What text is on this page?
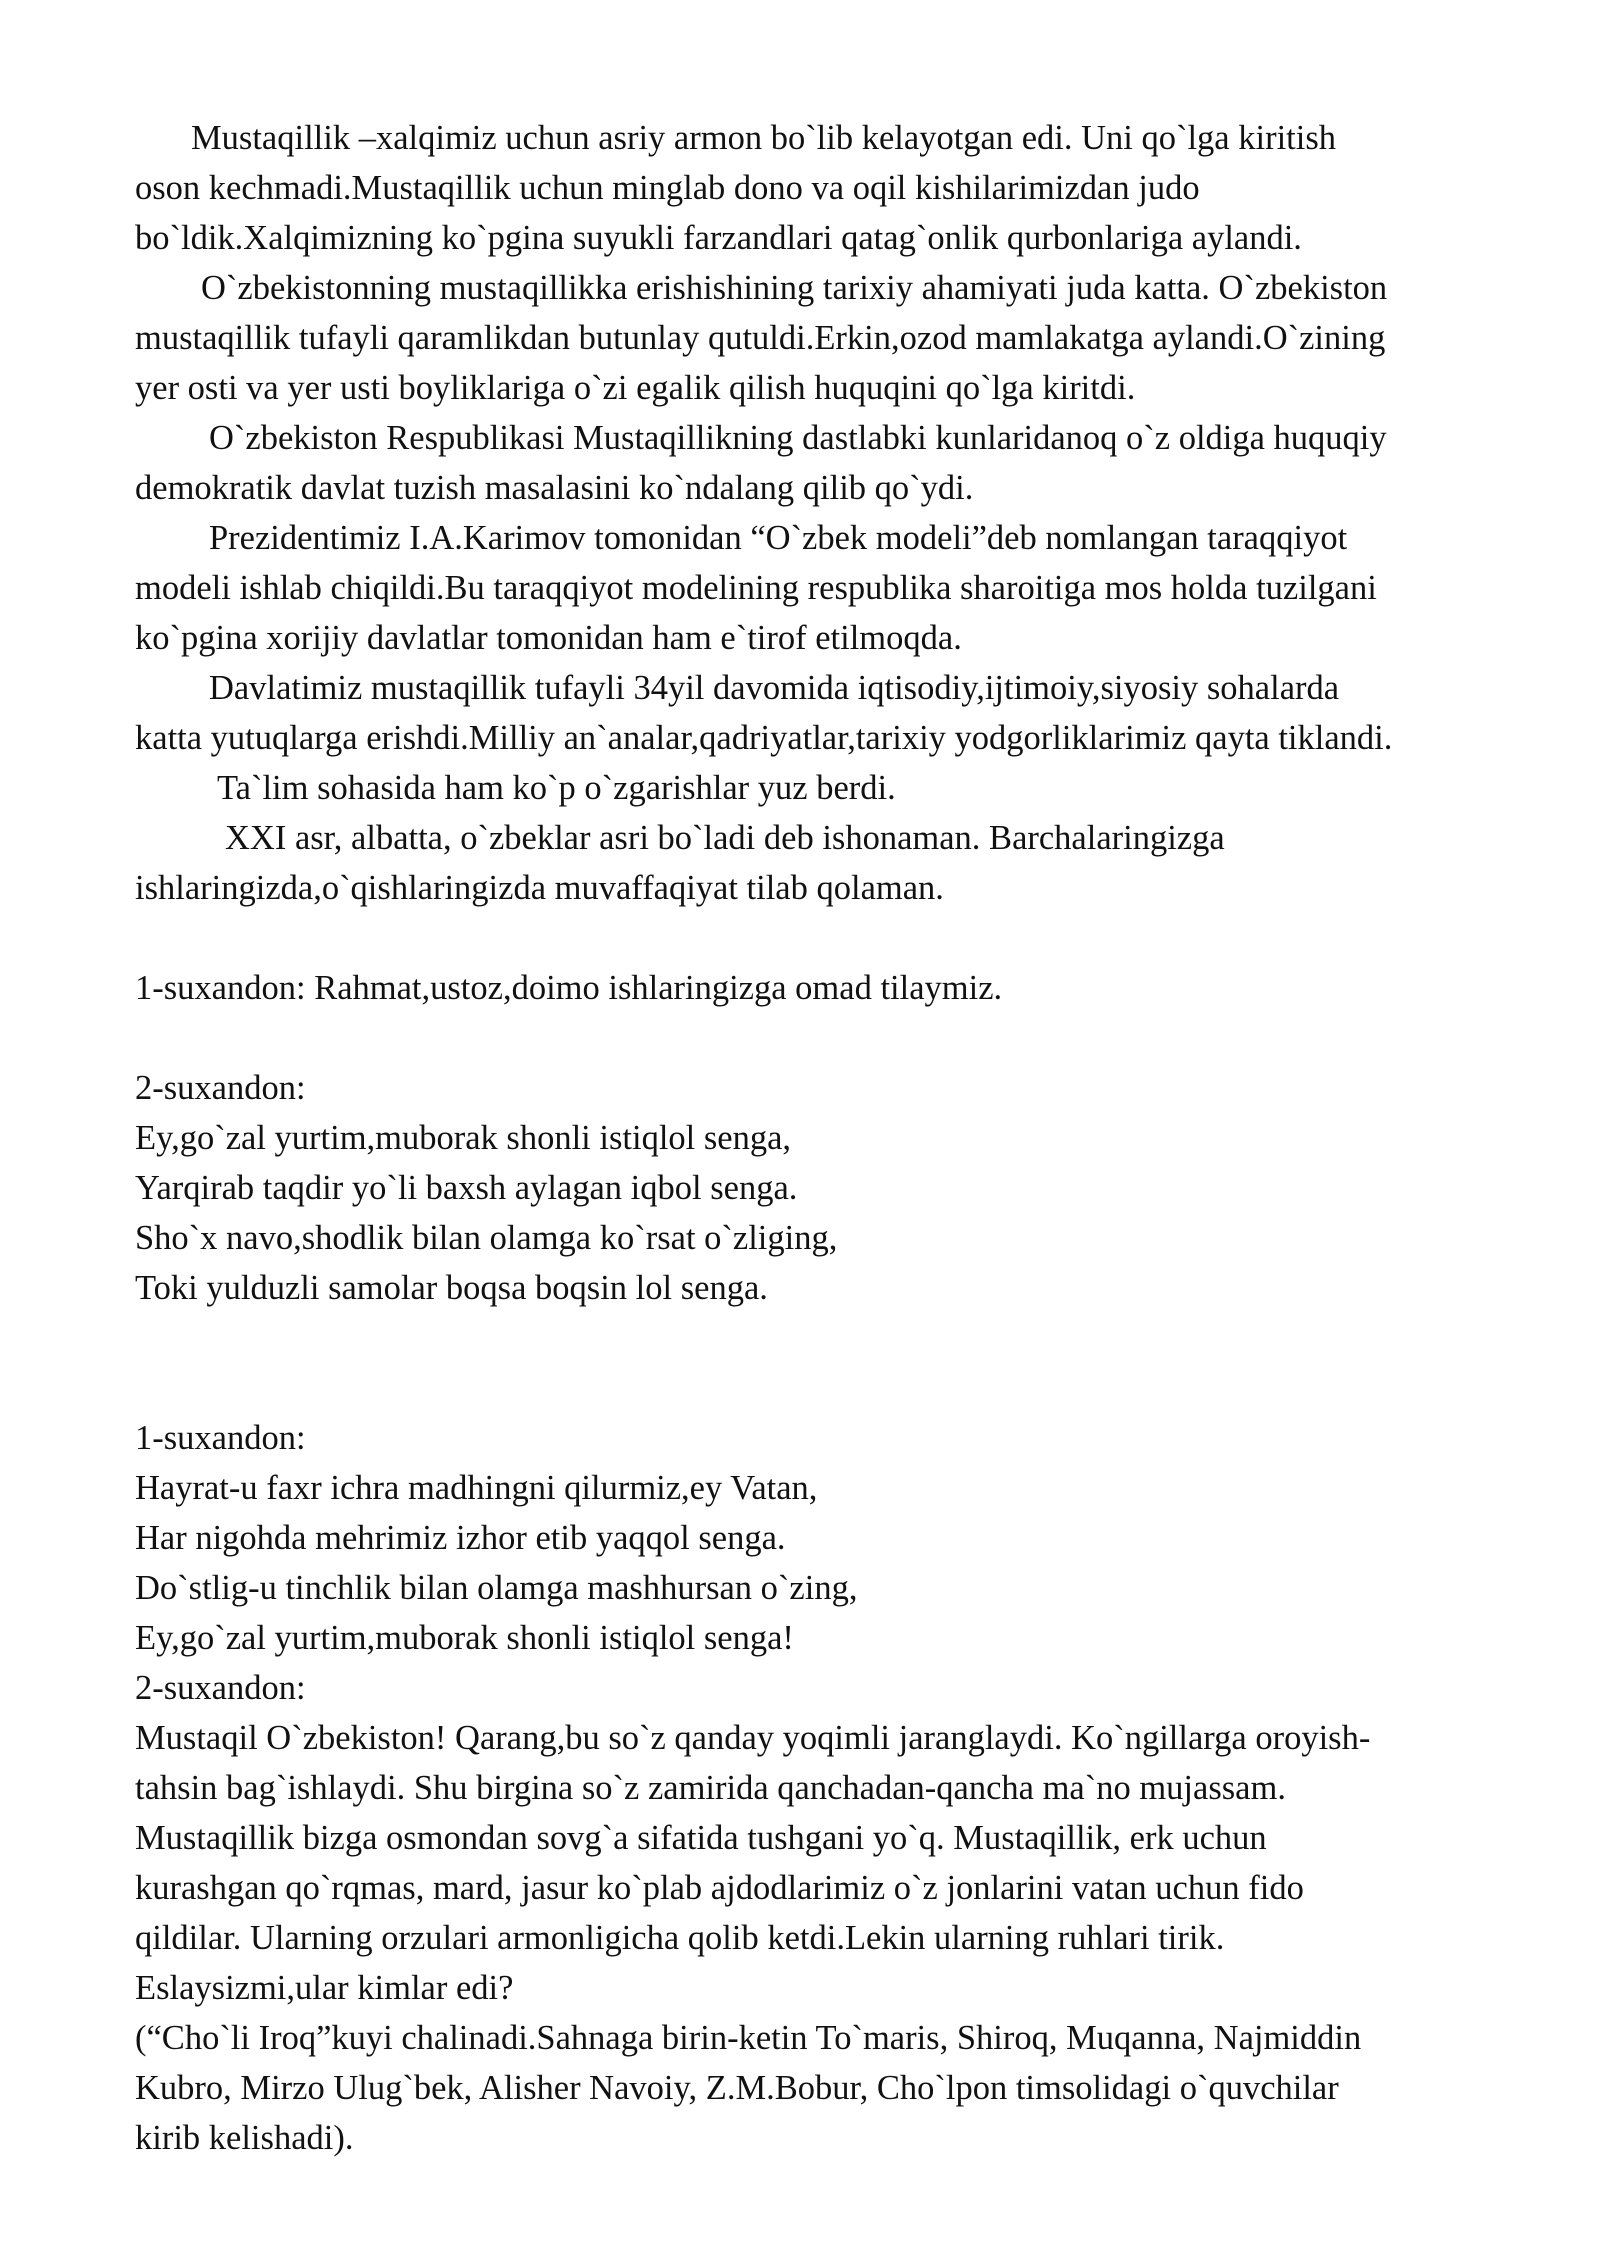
Mustaqillik –xalqimiz uchun asriy armon bo`lib kelayotgan edi. Uni qo`lga kiritish
oson kechmadi.Mustaqillik uchun minglab dono va oqil kishilarimizdan judo
bo`ldik.Xalqimizning ko`pgina suyukli farzandlari qatag`onlik qurbonlariga aylandi.
O`zbekistonning mustaqillikka erishishining tarixiy ahamiyati juda katta. O`zbekiston
mustaqillik tufayli qaramlikdan butunlay qutuldi.Erkin,ozod mamlakatga aylandi.O`zining
yer osti va yer usti boyliklariga o`zi egalik qilish huquqini qo`lga kiritdi.
O`zbekiston Respublikasi Mustaqillikning dastlabki kunlaridanoq o`z oldiga huquqiy
demokratik davlat tuzish masalasini ko`ndalang qilib qo`ydi.
Prezidentimiz I.A.Karimov tomonidan “O`zbek modeli”deb nomlangan taraqqiyot
modeli ishlab chiqildi.Bu taraqqiyot modelining respublika sharoitiga mos holda tuzilgani
ko`pgina xorijiy davlatlar tomonidan ham e`tirof etilmoqda.
Davlatimiz mustaqillik tufayli 34yil davomida iqtisodiy,ijtimoiy,siyosiy sohalarda
katta yutuqlarga erishdi.Milliy an`analar,qadriyatlar,tarixiy yodgorliklarimiz qayta tiklandi.
Ta`lim sohasida ham ko`p o`zgarishlar yuz berdi.
XXI asr, albatta, o`zbeklar asri bo`ladi deb ishonaman. Barchalaringizga
ishlaringizda,o`qishlaringizda muvaffaqiyat tilab qolaman.
1-suxandon: Rahmat,ustoz,doimo ishlaringizga omad tilaymiz.
2-suxandon:
Ey,go`zal yurtim,muborak shonli istiqlol senga,
Yarqirab taqdir yo`li baxsh aylagan iqbol senga.
Sho`x navo,shodlik bilan olamga ko`rsat o`zliging,
Toki yulduzli samolar boqsa boqsin lol senga.
1-suxandon:
Hayrat-u faxr ichra madhingni qilurmiz,ey Vatan,
Har nigohda mehrimiz izhor etib yaqqol senga.
Do`stlig-u tinchlik bilan olamga mashhursan o`zing,
Ey,go`zal yurtim,muborak shonli istiqlol senga!
2-suxandon:
Mustaqil O`zbekiston! Qarang,bu so`z qanday yoqimli jaranglaydi. Ko`ngillarga oroyish-
tahsin bag`ishlaydi. Shu birgina so`z zamirida qanchadan-qancha ma`no mujassam.
Mustaqillik bizga osmondan sovg`a sifatida tushgani yo`q. Mustaqillik, erk uchun
kurashgan qo`rqmas, mard, jasur ko`plab ajdodlarimiz o`z jonlarini vatan uchun fido
qildilar. Ularning orzulari armonligicha qolib ketdi.Lekin ularning ruhlari tirik.
Eslaysizmi,ular kimlar edi?
(“Cho`li Iroq”kuyi chalinadi.Sahnaga birin-ketin To`maris, Shiroq, Muqanna, Najmiddin
Kubro, Mirzo Ulug`bek, Alisher Navoiy, Z.M.Bobur, Cho`lpon timsolidagi o`quvchilar
kirib kelishadi).
